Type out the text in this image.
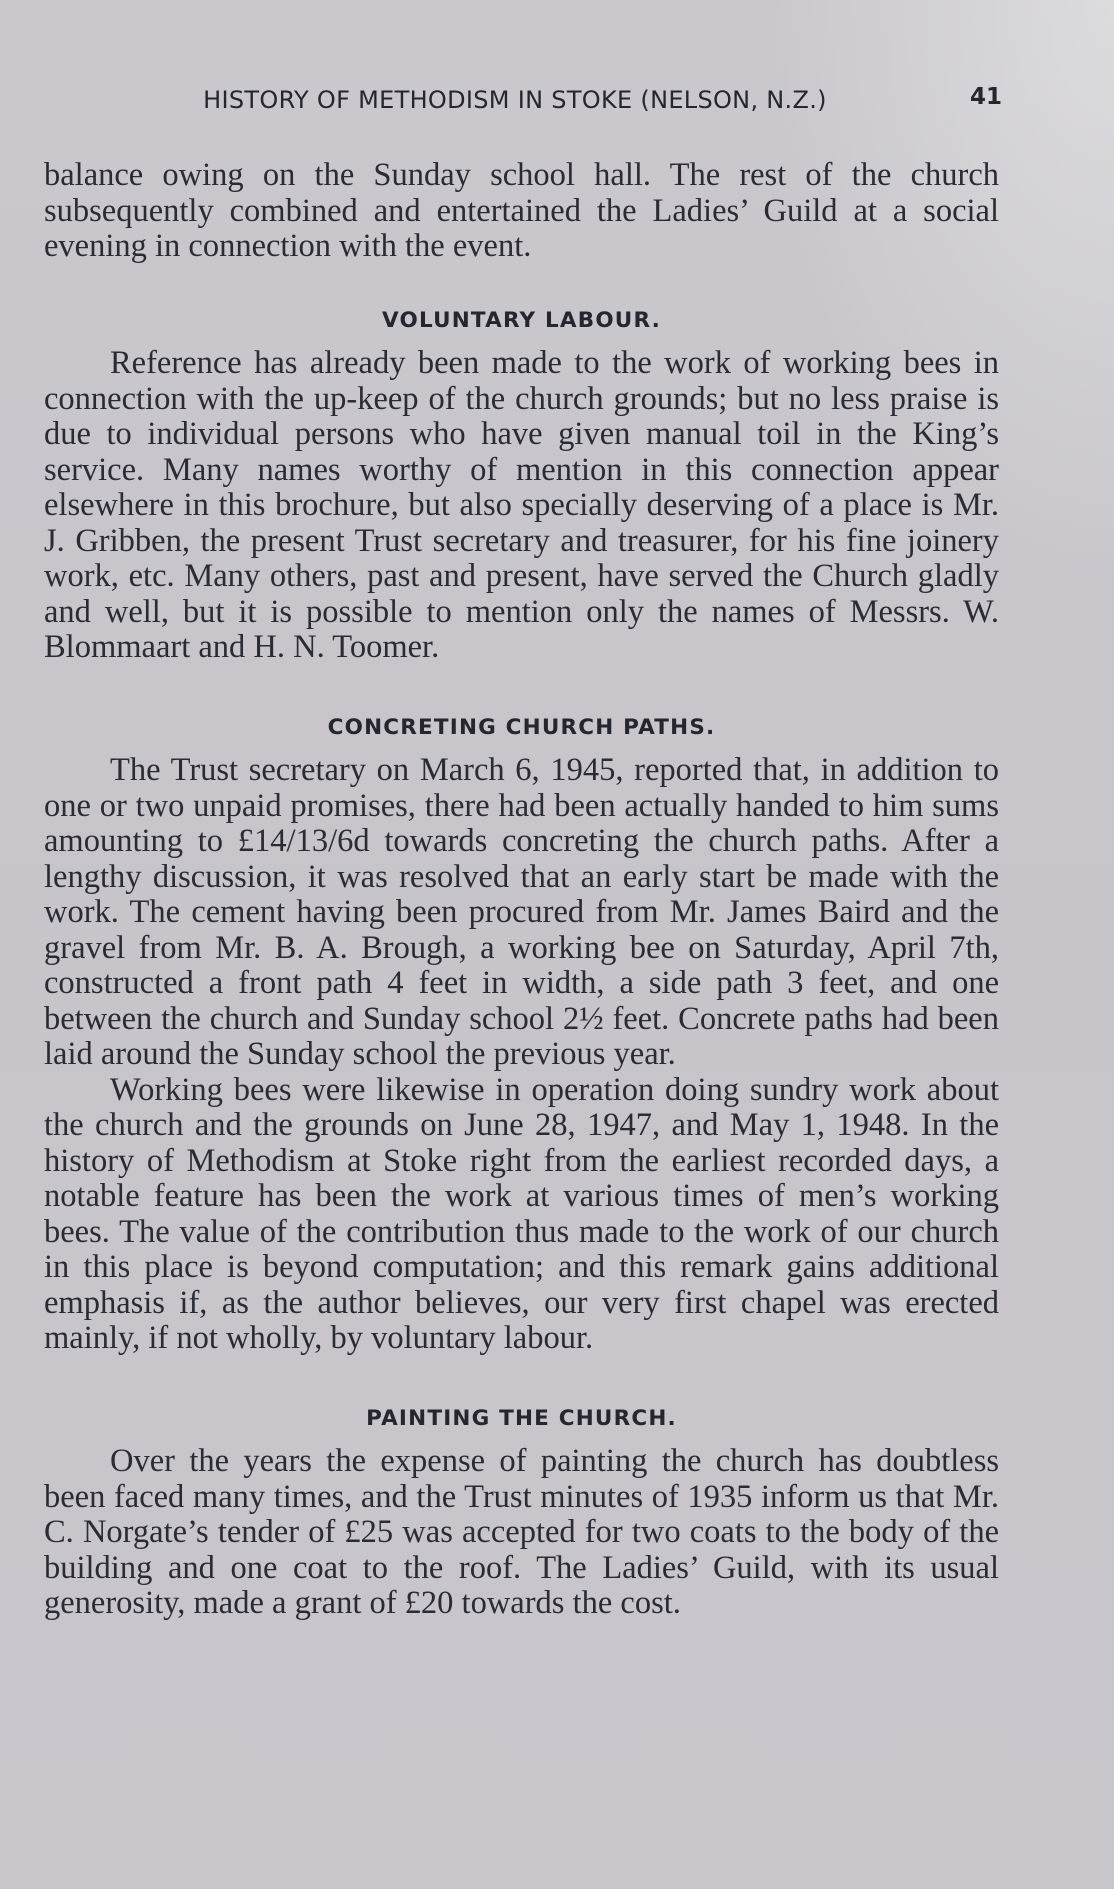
HISTORY OF METHODISM IN STOKE (NELSON, N.Z.)	41

balance owing on the Sunday school hall. The rest of the church subsequently combined and entertained the Ladies’ Guild at a social evening in connection with the event.

VOLUNTARY LABOUR.

Reference has already been made to the work of working bees in connection with the up-keep of the church grounds; but no less praise is due to individual persons who have given manual toil in the King’s service. Many names worthy of mention in this connection appear elsewhere in this brochure, but also specially deserving of a place is Mr. J. Gribben, the present Trust secretary and treasurer, for his fine joinery work, etc. Many others, past and present, have served the Church gladly and well, but it is possible to mention only the names of Messrs. W. Blommaart and H. N. Toomer.

CONCRETING CHURCH PATHS.

The Trust secretary on March 6, 1945, reported that, in addition to one or two unpaid promises, there had been actually handed to him sums amounting to £14/13/6d towards concreting the church paths. After a lengthy discussion, it was resolved that an early start be made with the work. The cement having been procured from Mr. James Baird and the gravel from Mr. B. A. Brough, a working bee on Saturday, April 7th, constructed a front path 4 feet in width, a side path 3 feet, and one between the church and Sunday school 2½ feet. Concrete paths had been laid around the Sunday school the previous year.

Working bees were likewise in operation doing sundry work about the church and the grounds on June 28, 1947, and May 1, 1948. In the history of Methodism at Stoke right from the earliest recorded days, a notable feature has been the work at various times of men’s working bees. The value of the contribution thus made to the work of our church in this place is beyond computation; and this remark gains additional emphasis if, as the author believes, our very first chapel was erected mainly, if not wholly, by voluntary labour.

PAINTING THE CHURCH.

Over the years the expense of painting the church has doubtless been faced many times, and the Trust minutes of 1935 inform us that Mr. C. Norgate’s tender of £25 was accepted for two coats to the body of the building and one coat to the roof. The Ladies’ Guild, with its usual generosity, made a grant of £20 towards the cost.
